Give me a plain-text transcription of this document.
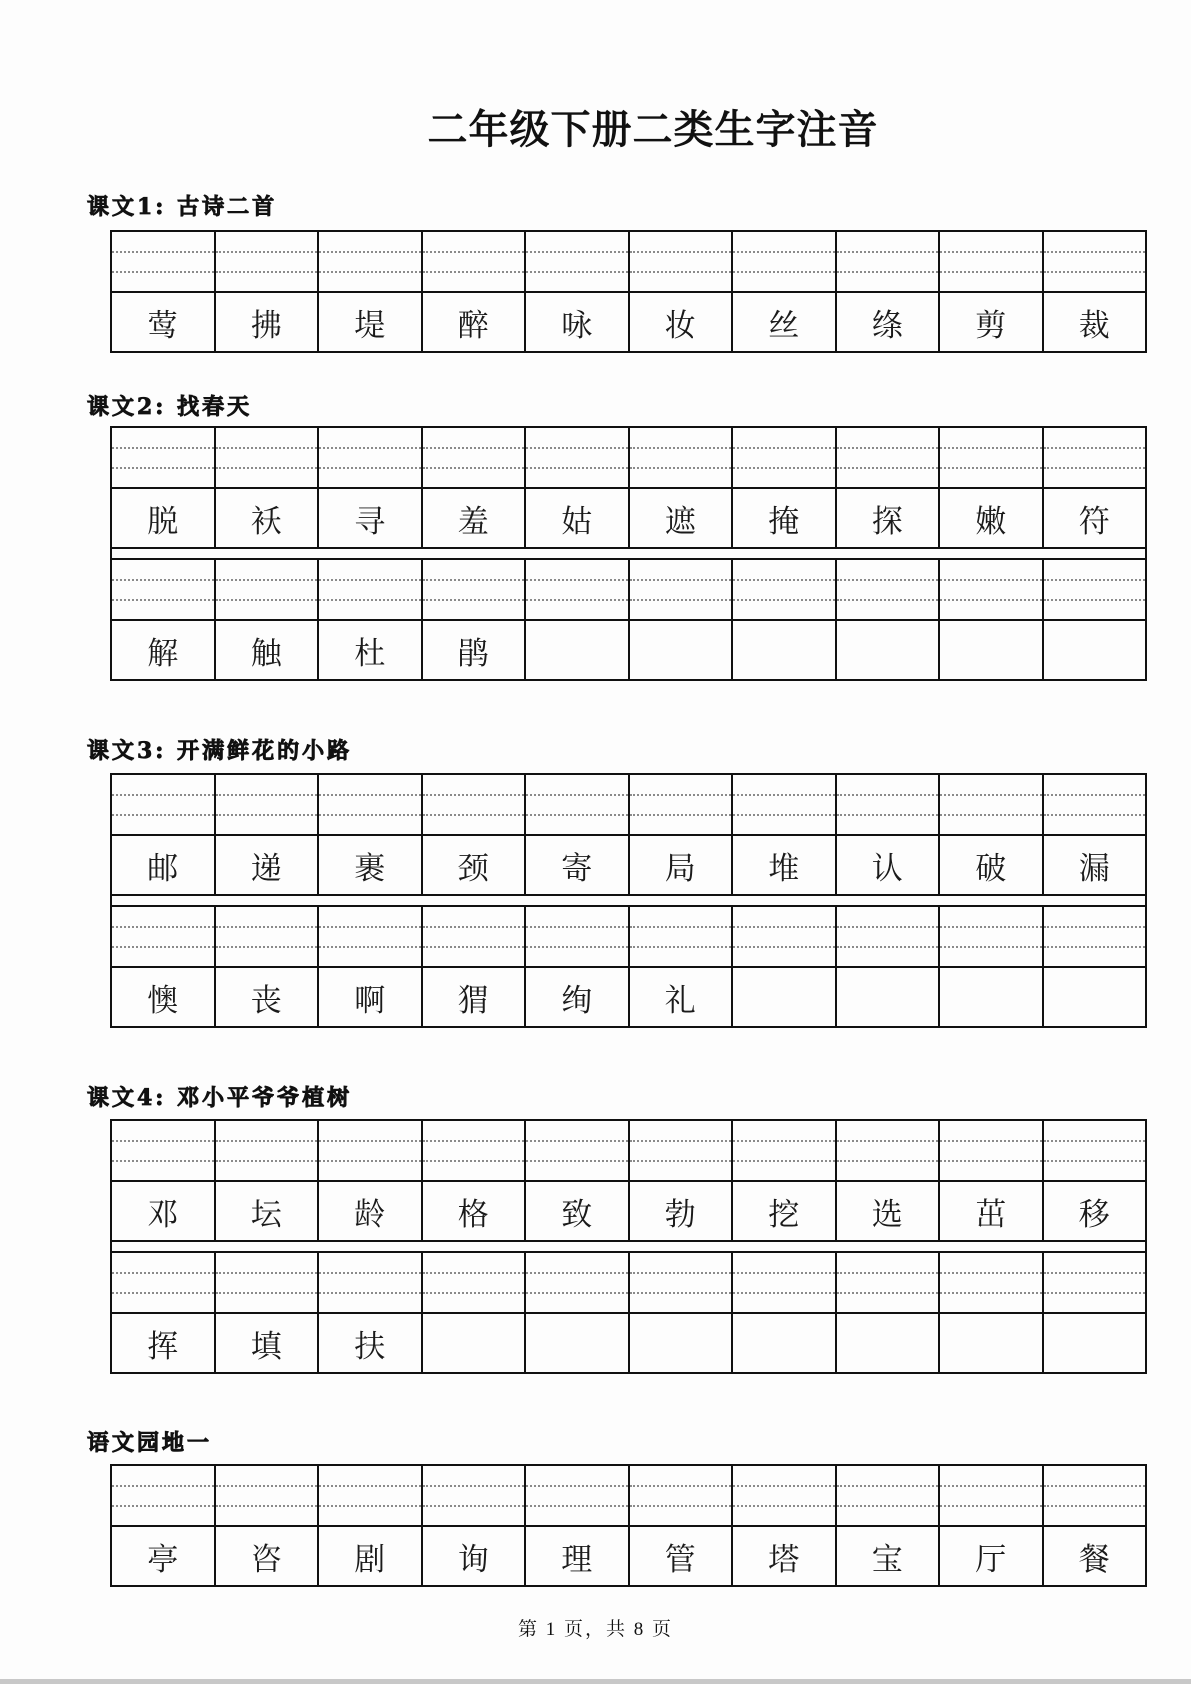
二年级下册二类生字注音
课文1: 古诗二首
莺	拂	堤	醉	咏	妆	丝	绦	剪	裁
课文2: 找春天
脱	袄	寻	羞	姑	遮	掩	探	嫩	符
解	触	杜	鹃
课文3: 开满鲜花的小路
邮	递	裹	颈	寄	局	堆	认	破	漏
懊	丧	啊	猬	绚	礼
课文4: 邓小平爷爷植树
邓	坛	龄	格	致	勃	挖	选	茁	移
挥	填	扶
语文园地一
亭	咨	剧	询	理	管	塔	宝	厅	餐
第 1 页，共 8 页
